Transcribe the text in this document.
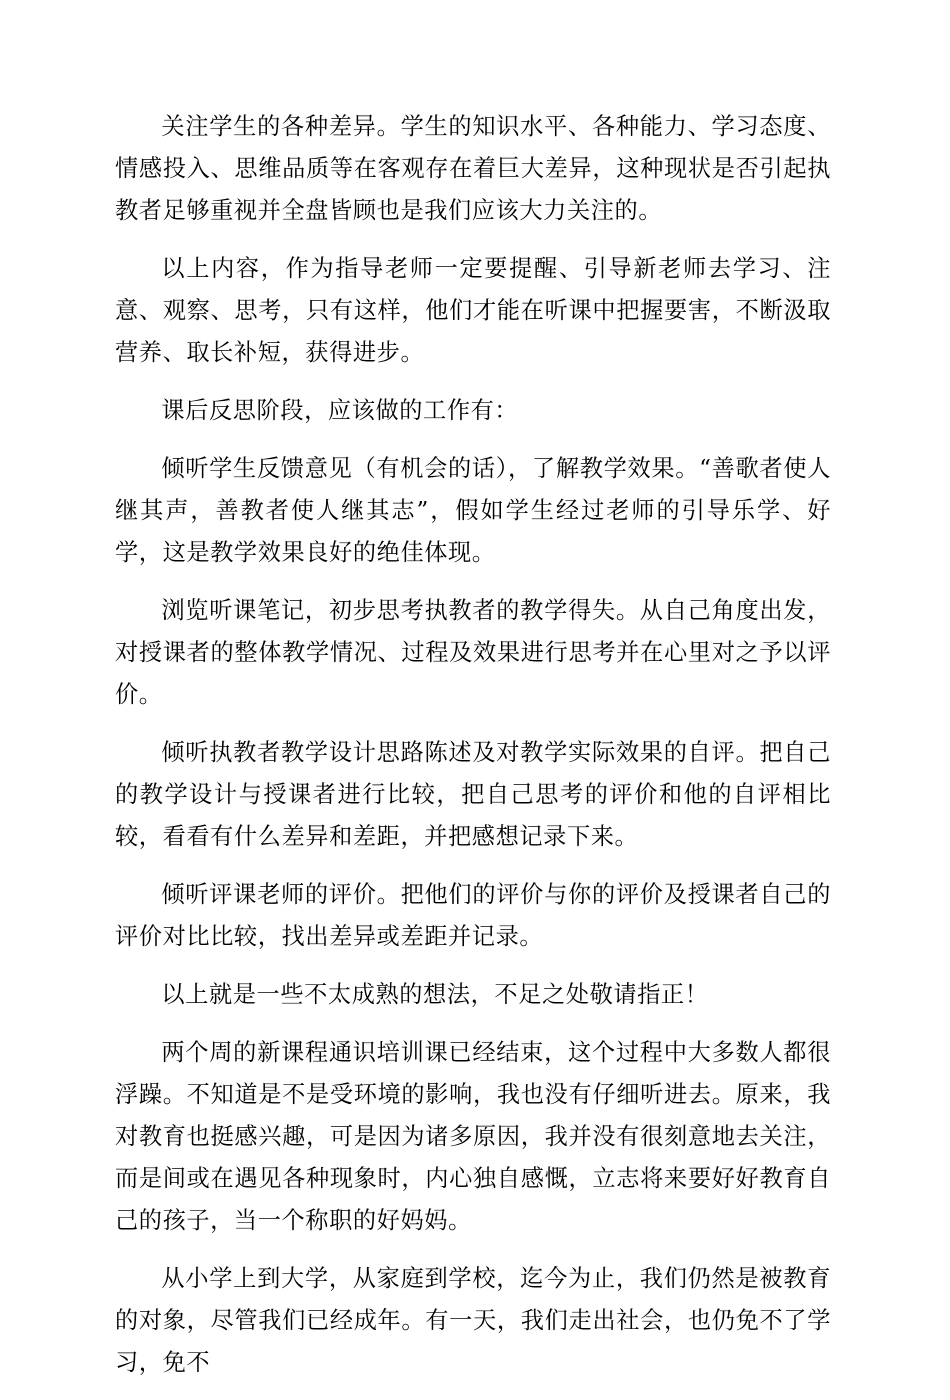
关注学生的各种差异。学生的知识水平、各种能力、学习态度、情感投入、思维品质等在客观存在着巨大差异，这种现状是否引起执教者足够重视并全盘皆顾也是我们应该大力关注的。

以上内容，作为指导老师一定要提醒、引导新老师去学习、注意、观察、思考，只有这样，他们才能在听课中把握要害，不断汲取营养、取长补短，获得进步。

课后反思阶段，应该做的工作有：

倾听学生反馈意见（有机会的话），了解教学效果。“善歌者使人继其声，善教者使人继其志”，假如学生经过老师的引导乐学、好学，这是教学效果良好的绝佳体现。

浏览听课笔记，初步思考执教者的教学得失。从自己角度出发，对授课者的整体教学情况、过程及效果进行思考并在心里对之予以评价。

倾听执教者教学设计思路陈述及对教学实际效果的自评。把自己的教学设计与授课者进行比较，把自己思考的评价和他的自评相比较，看看有什么差异和差距，并把感想记录下来。

倾听评课老师的评价。把他们的评价与你的评价及授课者自己的评价对比比较，找出差异或差距并记录。

以上就是一些不太成熟的想法，不足之处敬请指正！

两个周的新课程通识培训课已经结束，这个过程中大多数人都很浮躁。不知道是不是受环境的影响，我也没有仔细听进去。原来，我对教育也挺感兴趣，可是因为诸多原因，我并没有很刻意地去关注，而是间或在遇见各种现象时，内心独自感慨，立志将来要好好教育自己的孩子，当一个称职的好妈妈。

从小学上到大学，从家庭到学校，迄今为止，我们仍然是被教育的对象，尽管我们已经成年。有一天，我们走出社会，也仍免不了学习，免不
